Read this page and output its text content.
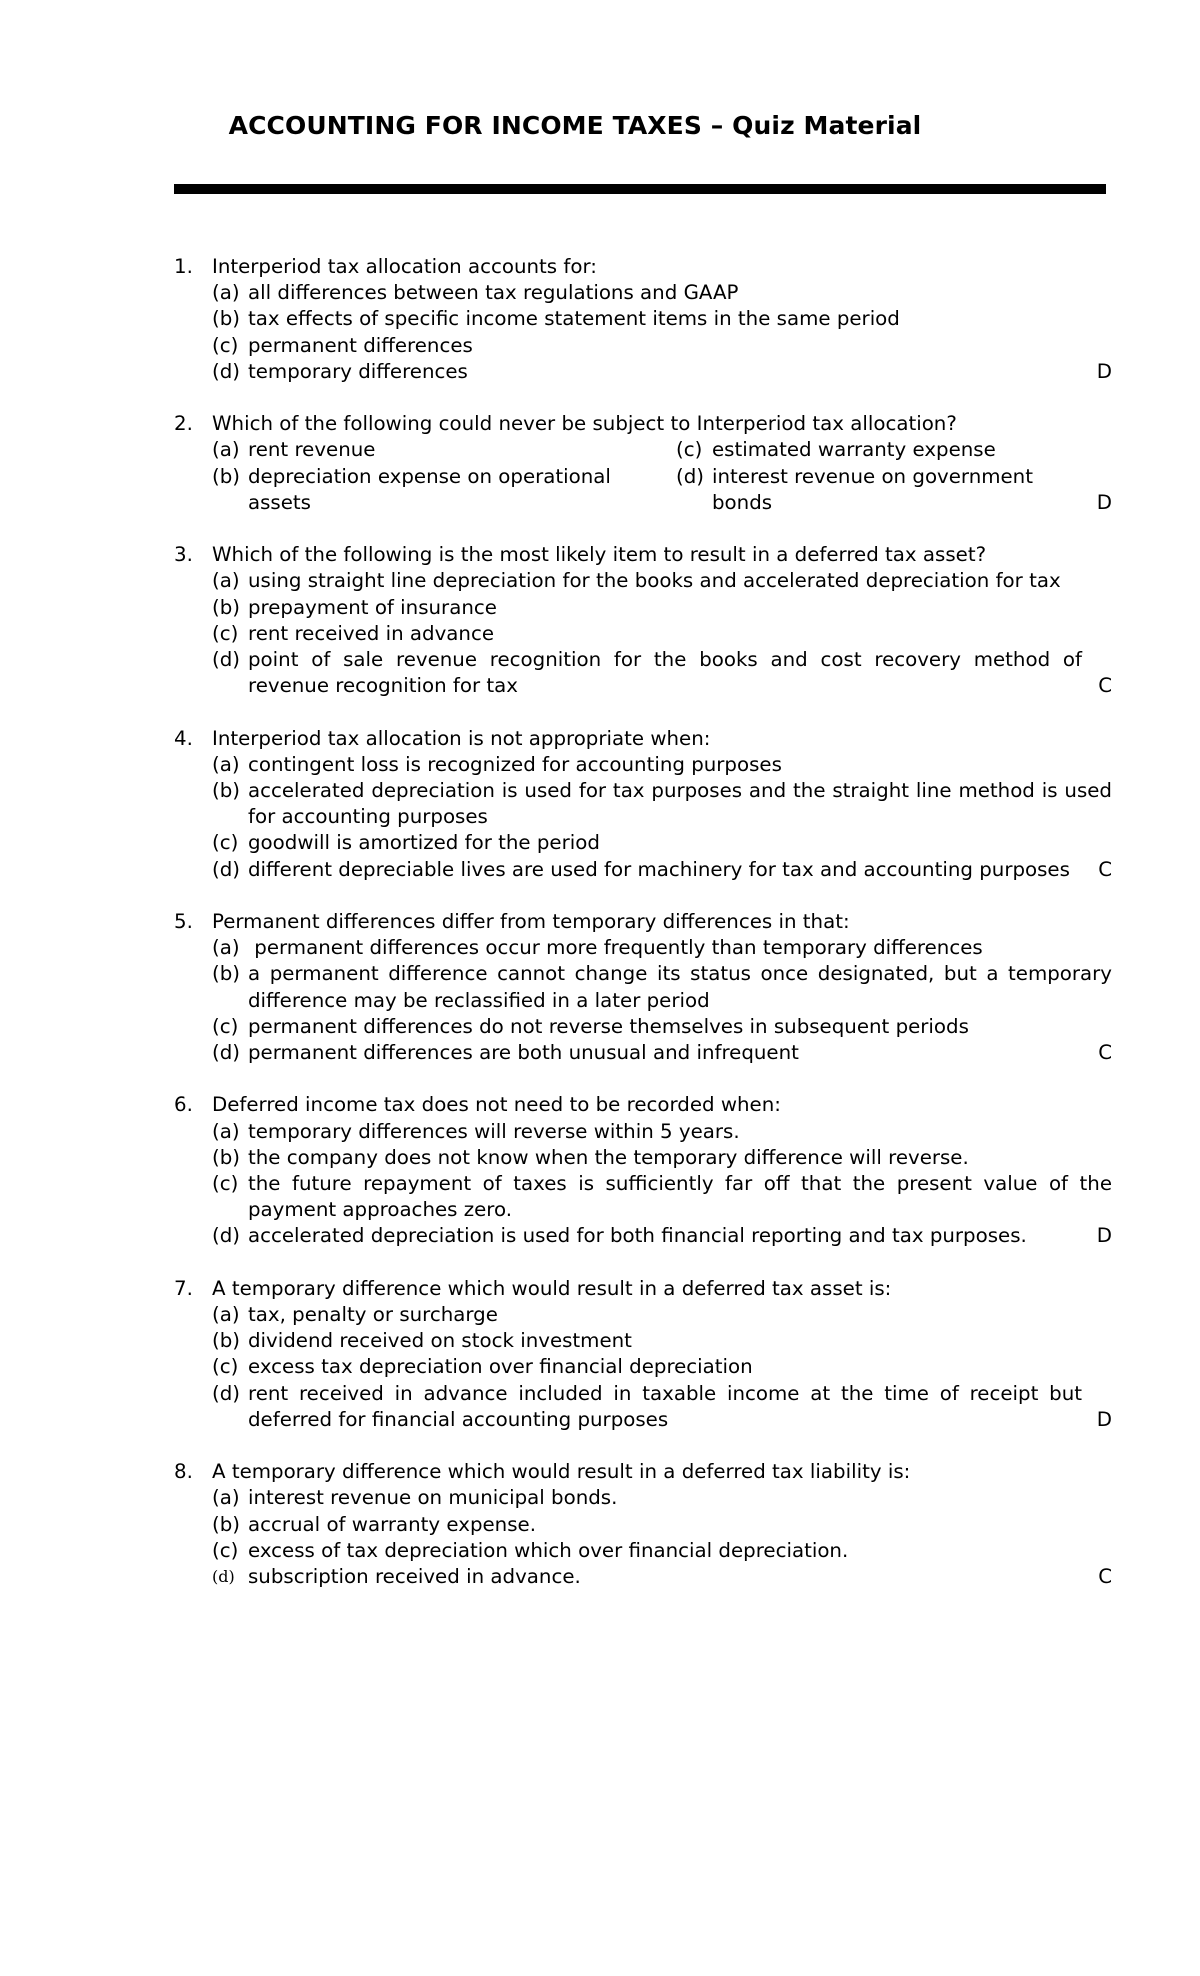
ACCOUNTING FOR INCOME TAXES – Quiz Material
1. Interperiod tax allocation accounts for:
(a) all differences between tax regulations and GAAP
(b) tax effects of specific income statement items in the same period
(c) permanent differences
(d) temporary differences	D
2. Which of the following could never be subject to Interperiod tax allocation?
(a) rent revenue	(c) estimated warranty expense
(b) depreciation expense on operational assets
(d) interest revenue on government bonds	D
3. Which of the following is the most likely item to result in a deferred tax asset?
(a) using straight line depreciation for the books and accelerated depreciation for tax
(b) prepayment of insurance
(c) rent received in advance
(d) point of sale revenue recognition for the books and cost recovery method of revenue recognition for tax	C
4. Interperiod tax allocation is not appropriate when:
(a) contingent loss is recognized for accounting purposes
(b) accelerated depreciation is used for tax purposes and the straight line method is used for accounting purposes
(c) goodwill is amortized for the period
(d) different depreciable lives are used for machinery for tax and accounting purposes	C
5. Permanent differences differ from temporary differences in that:
(a) permanent differences occur more frequently than temporary differences
(b) a permanent difference cannot change its status once designated, but a temporary difference may be reclassified in a later period
(c) permanent differences do not reverse themselves in subsequent periods
(d) permanent differences are both unusual and infrequent	C
6. Deferred income tax does not need to be recorded when:
(a) temporary differences will reverse within 5 years.
(b) the company does not know when the temporary difference will reverse.
(c) the future repayment of taxes is sufficiently far off that the present value of the payment approaches zero.
(d) accelerated depreciation is used for both financial reporting and tax purposes.	D
7. A temporary difference which would result in a deferred tax asset is:
(a) tax, penalty or surcharge
(b) dividend received on stock investment
(c) excess tax depreciation over financial depreciation
(d) rent received in advance included in taxable income at the time of receipt but deferred for financial accounting purposes	D
8. A temporary difference which would result in a deferred tax liability is:
(a) interest revenue on municipal bonds.
(b) accrual of warranty expense.
(c) excess of tax depreciation which over financial depreciation.
(d) subscription received in advance.	C
